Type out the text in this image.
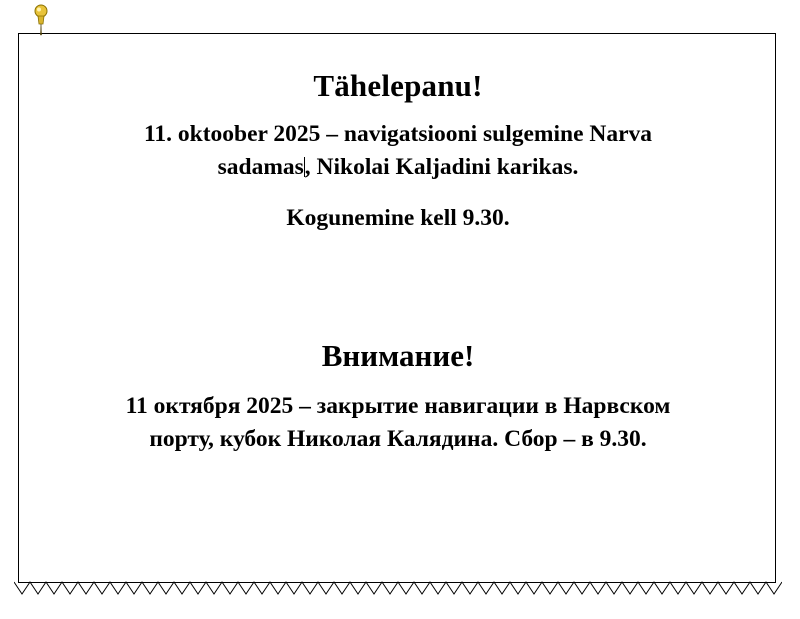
Tähelepanu!
11. oktoober 2025 – navigatsiooni sulgemine Narva
sadamas, Nikolai Kaljadini karikas.
Kogunemine kell 9.30.
Внимание!
11 октября 2025 – закрытие навигации в Нарвском
порту, кубок Николая Калядина. Сбор – в 9.30.
